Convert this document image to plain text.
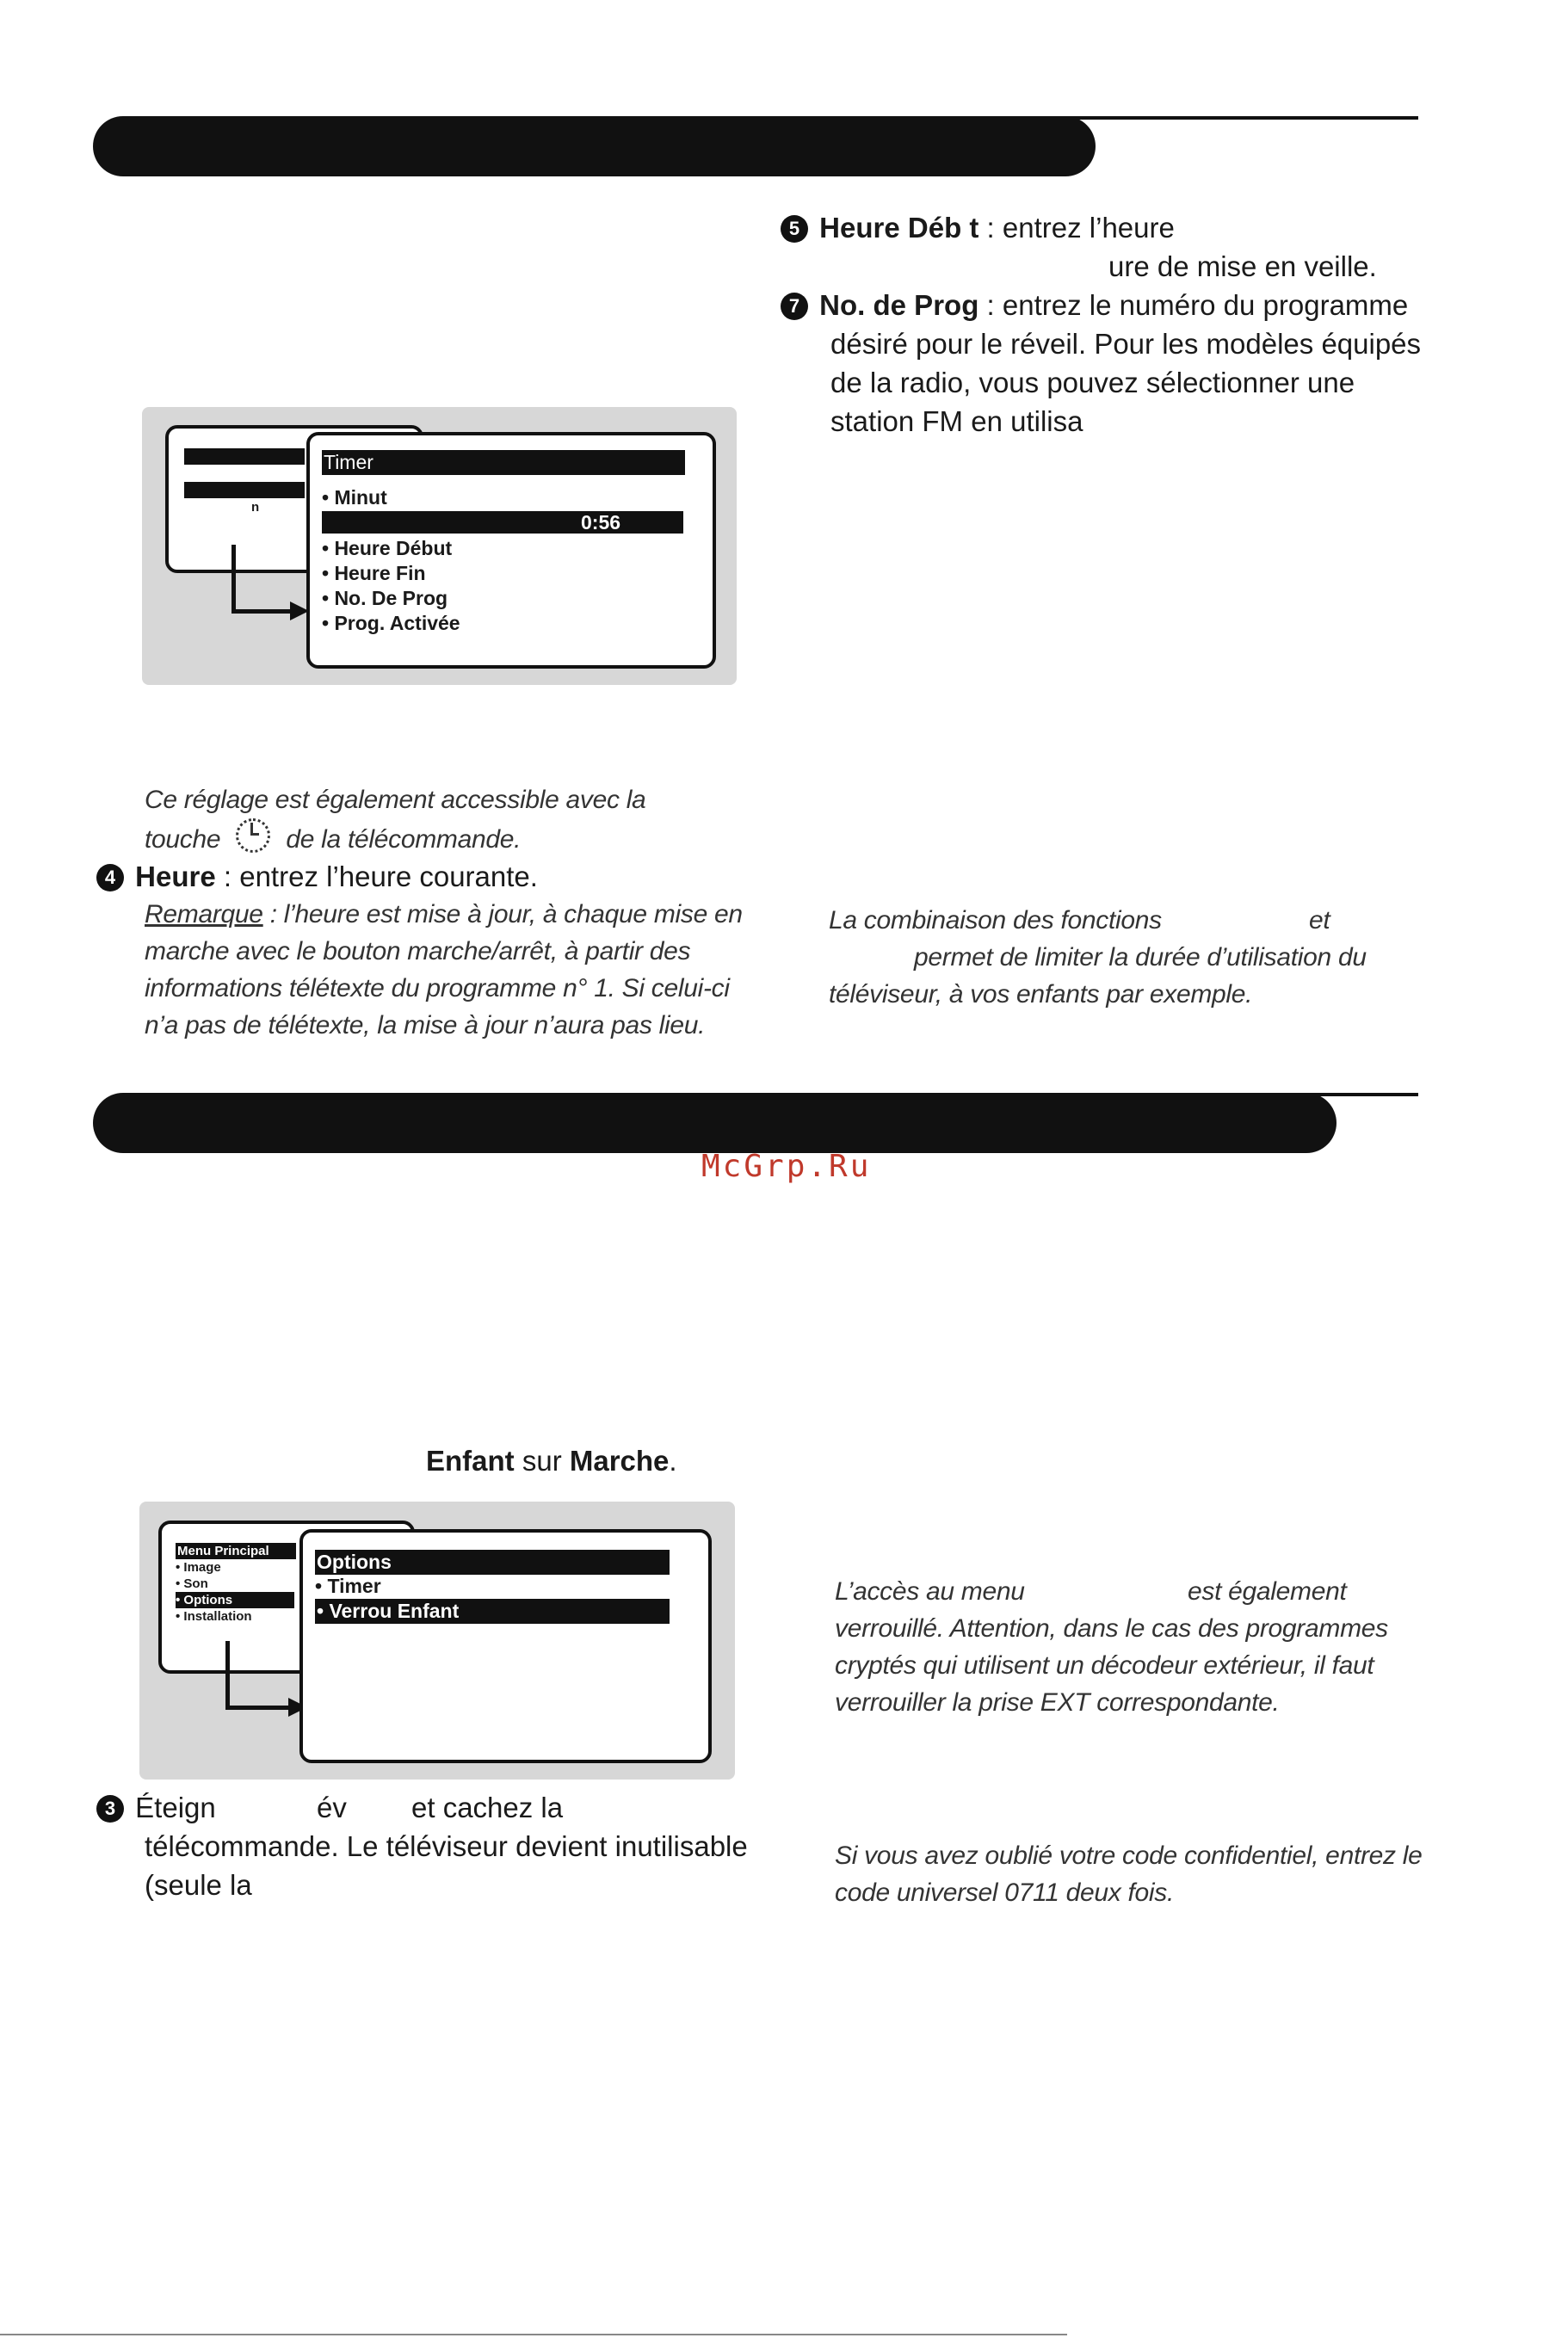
5 Heure Déb t : entrez l’heure
ure de mise en veille.
7 No. de Prog : entrez le numéro du programme
désiré pour le réveil. Pour les modèles équipés
de la radio, vous pouvez sélectionner une
station FM en utilisa
n
Timer
• Minut
0:56
• Heure Début
• Heure Fin
• No. De Prog
• Prog. Activée
Ce réglage est également accessible avec la
touche	de la télécommande.
4 Heure : entrez l’heure courante.
Remarque : l’heure est mise à jour, à chaque mise en
marche avec le bouton marche/arrêt, à partir des
informations télétexte du programme n° 1. Si celui-ci
n’a pas de télétexte, la mise à jour n’aura pas lieu.
La combinaison des fonctions	et
permet de limiter la durée d’utilisation du
téléviseur, à vos enfants par exemple.
McGrp.Ru
Enfant sur Marche.
Menu Principal
• Image
• Son
• Options
• Installation
Options
• Timer
• Verrou Enfant
3 Éteign	év et cachez la
télécommande. Le téléviseur devient inutilisable
(seule la
L’accès au menu	est également
verrouillé. Attention, dans le cas des programmes
cryptés qui utilisent un décodeur extérieur, il faut
verrouiller la prise EXT correspondante.
Si vous avez oublié votre code confidentiel, entrez le
code universel 0711 deux fois.
